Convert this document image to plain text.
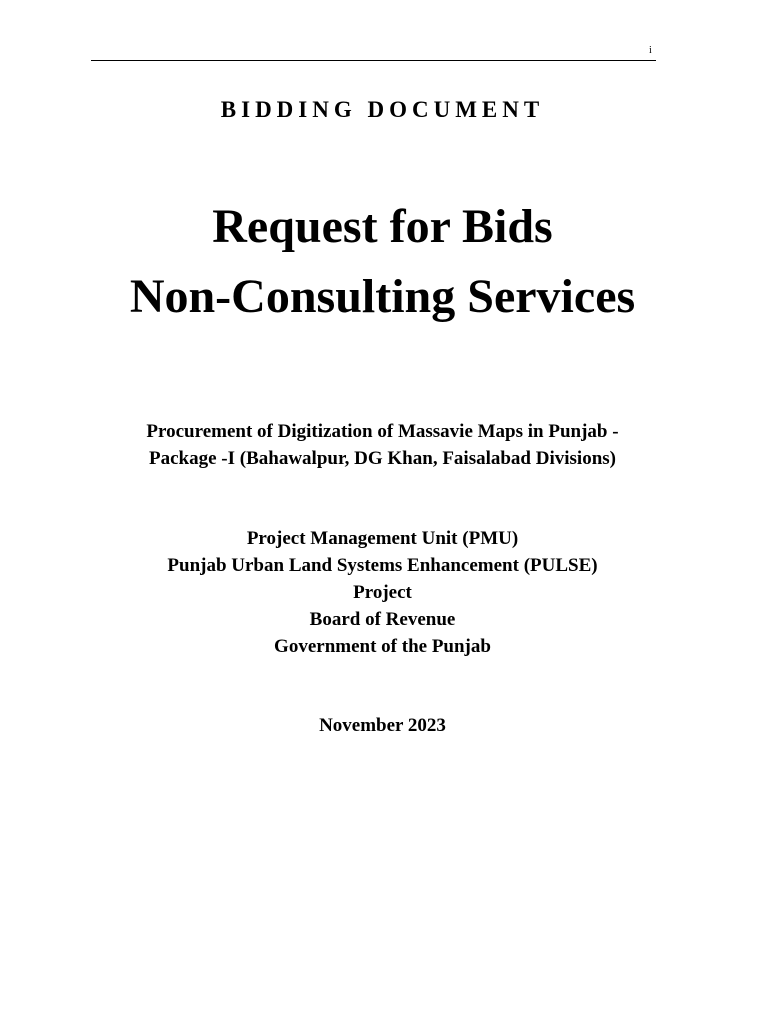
i
BIDDING DOCUMENT
Request for Bids
Non-Consulting Services
Procurement of Digitization of Massavie Maps in Punjab -
Package -I (Bahawalpur, DG Khan, Faisalabad Divisions)
Project Management Unit (PMU)
Punjab Urban Land Systems Enhancement (PULSE)
Project
Board of Revenue
Government of the Punjab
November 2023
